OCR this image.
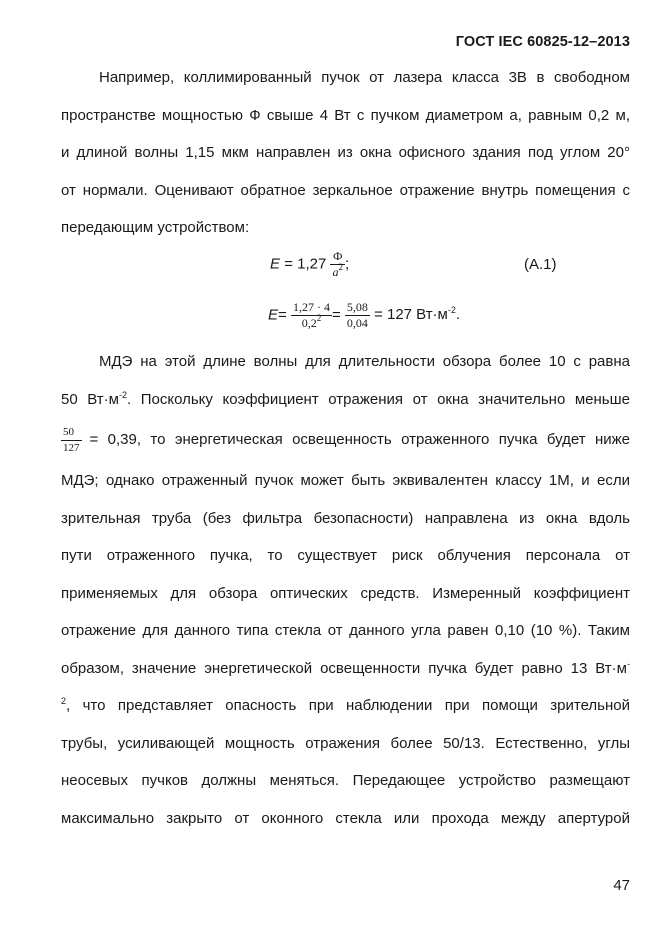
ГОСТ IEC 60825-12–2013
Например, коллимированный пучок от лазера класса 3В в свободном
пространстве мощностью Ф свыше 4 Вт с пучком диаметром а, равным 0,2 м,
и длиной волны 1,15 мкм направлен из окна офисного здания под углом 20°
от нормали. Оценивают обратное зеркальное отражение внутрь помещения с
передающим устройством:
$E = 1,27 \frac{Ф}{a^2}$ ;	(А.1)
$E= \frac{1,27 \cdot 4}{0,2^2} = \frac{5,08}{0,04} = 127$ $Вт\cdot м^{-2}$.
МДЭ на этой длине волны для длительности обзора более 10 с равна
50 $Вт\cdot м^{-2}$. Поскольку коэффициент отражения от окна значительно меньше
$\frac{50}{127} = 0,39$, то энергетическая освещенность отраженного пучка будет ниже
МДЭ; однако отраженный пучок может быть эквивалентен классу 1М, и если
зрительная труба (без фильтра безопасности) направлена из окна вдоль
пути отраженного пучка, то существует риск облучения персонала от
применяемых для обзора оптических средств. Измеренный коэффициент
отражение для данного типа стекла от данного угла равен 0,10 (10 %). Таким
образом, значение энергетической освещенности пучка будет равно 13 Вт·м-
$^2$, что представляет опасность при наблюдении при помощи зрительной
трубы, усиливающей мощность отражения более 50/13. Естественно, углы
неосевых пучков должны меняться. Передающее устройство размещают
максимально закрыто от оконного стекла или прохода между апертурой
47
